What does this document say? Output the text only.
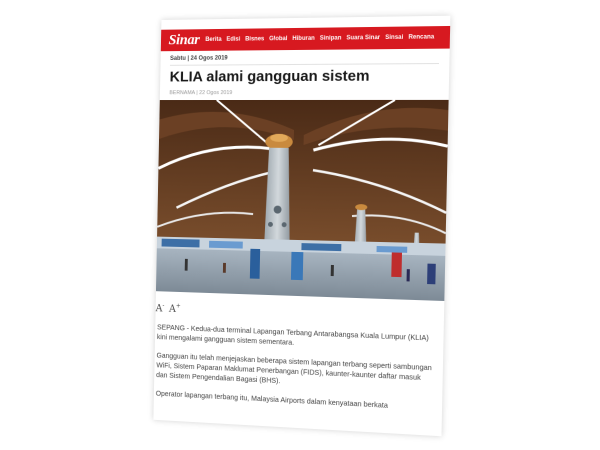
Sinar Berita Edisi Bisnes Global Hiburan Sinipan Suara Sinar Sinsai Rencana
Sabtu | 24 Ogos 2019
KLIA alami gangguan sistem
BERNAMA | 22 Ogos 2019
A- A+

SEPANG - Kedua-dua terminal Lapangan Terbang Antarabangsa Kuala Lumpur (KLIA) kini mengalami gangguan sistem sementara.

Gangguan itu telah menjejaskan beberapa sistem lapangan terbang seperti sambungan WiFi, Sistem Paparan Maklumat Penerbangan (FIDS), kaunter-kaunter daftar masuk dan Sistem Pengendalian Bagasi (BHS).

Operator lapangan terbang itu, Malaysia Airports dalam kenyataan berkata
